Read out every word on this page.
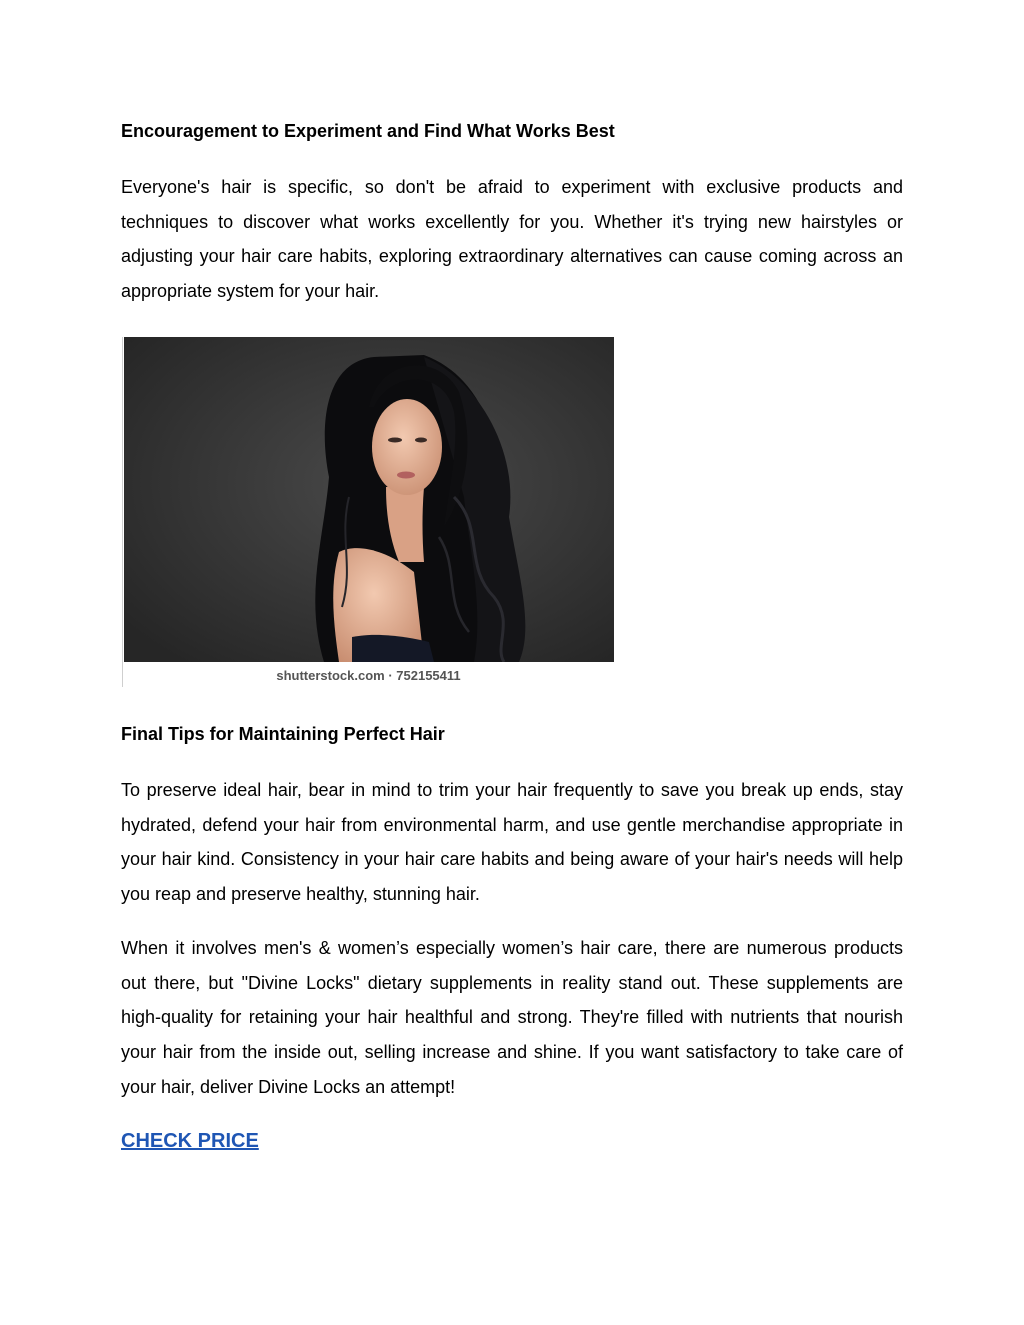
Encouragement to Experiment and Find What Works Best

Everyone's hair is specific, so don't be afraid to experiment with exclusive products and techniques to discover what works excellently for you. Whether it's trying new hairstyles or adjusting your hair care habits, exploring extraordinary alternatives can cause coming across an appropriate system for your hair.

shutterstock.com · 752155411
Final Tips for Maintaining Perfect Hair

To preserve ideal hair, bear in mind to trim your hair frequently to save you break up ends, stay hydrated, defend your hair from environmental harm, and use gentle merchandise appropriate in your hair kind. Consistency in your hair care habits and being aware of your hair's needs will help you reap and preserve healthy, stunning hair.

When it involves men's & women’s especially women’s hair care, there are numerous products out there, but "Divine Locks" dietary supplements in reality stand out. These supplements are high-quality for retaining your hair healthful and strong. They're filled with nutrients that nourish your hair from the inside out, selling increase and shine. If you want satisfactory to take care of your hair, deliver Divine Locks an attempt!

CHECK PRICE
